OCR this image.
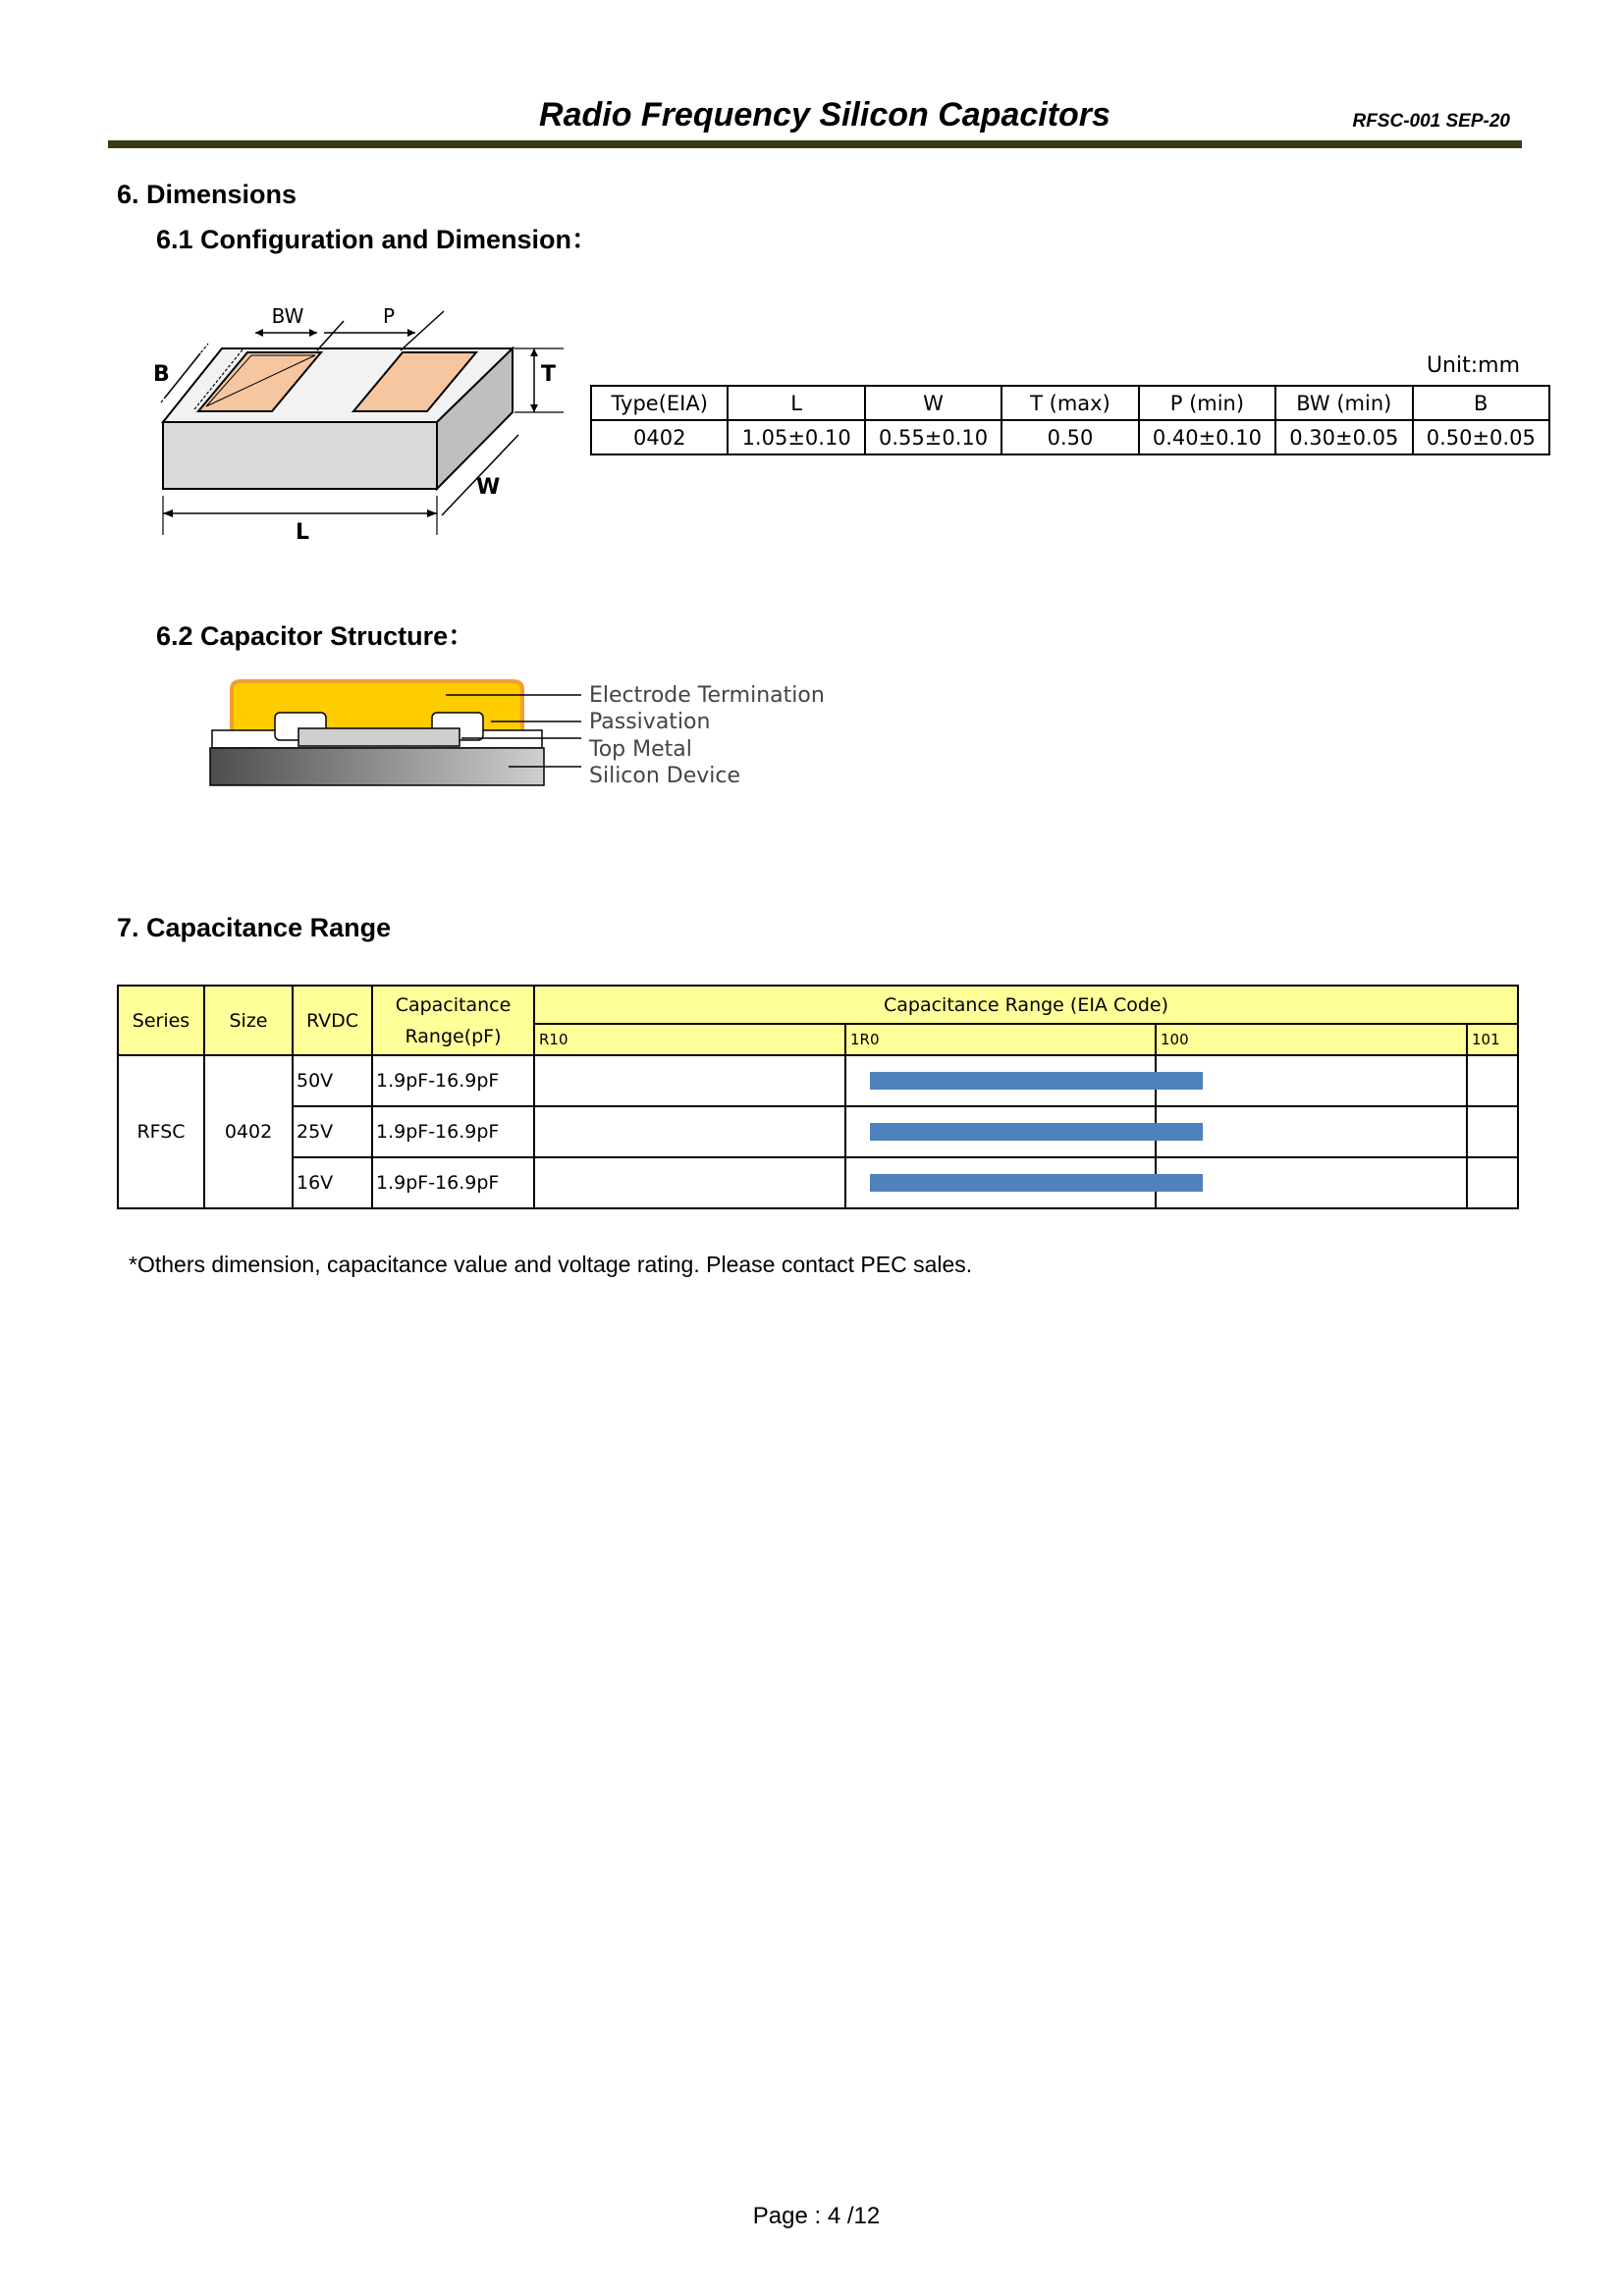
Radio Frequency Silicon Capacitors	RFSC-001 SEP-20
6. Dimensions
6.1 Configuration and Dimension：
BW	P
B	T
W
L
Unit:mm
Type(EIA)	L	W	T (max)	P (min)	BW (min)	B
0402	1.05±0.10	0.55±0.10	0.50	0.40±0.10	0.30±0.05	0.50±0.05
6.2 Capacitor Structure：
Electrode Termination
Passivation
Top Metal
Silicon Device
7. Capacitance Range
Series	Size	RVDC	Capacitance Range(pF)	Capacitance Range (EIA Code)			
				R10	1R0	100	101
RFSC	0402	50V	1.9pF-16.9pF		

		25V	1.9pF-16.9pF		

		16V	1.9pF-16.9pF		

*Others dimension, capacitance value and voltage rating. Please contact PEC sales.
Page : 4 /12
